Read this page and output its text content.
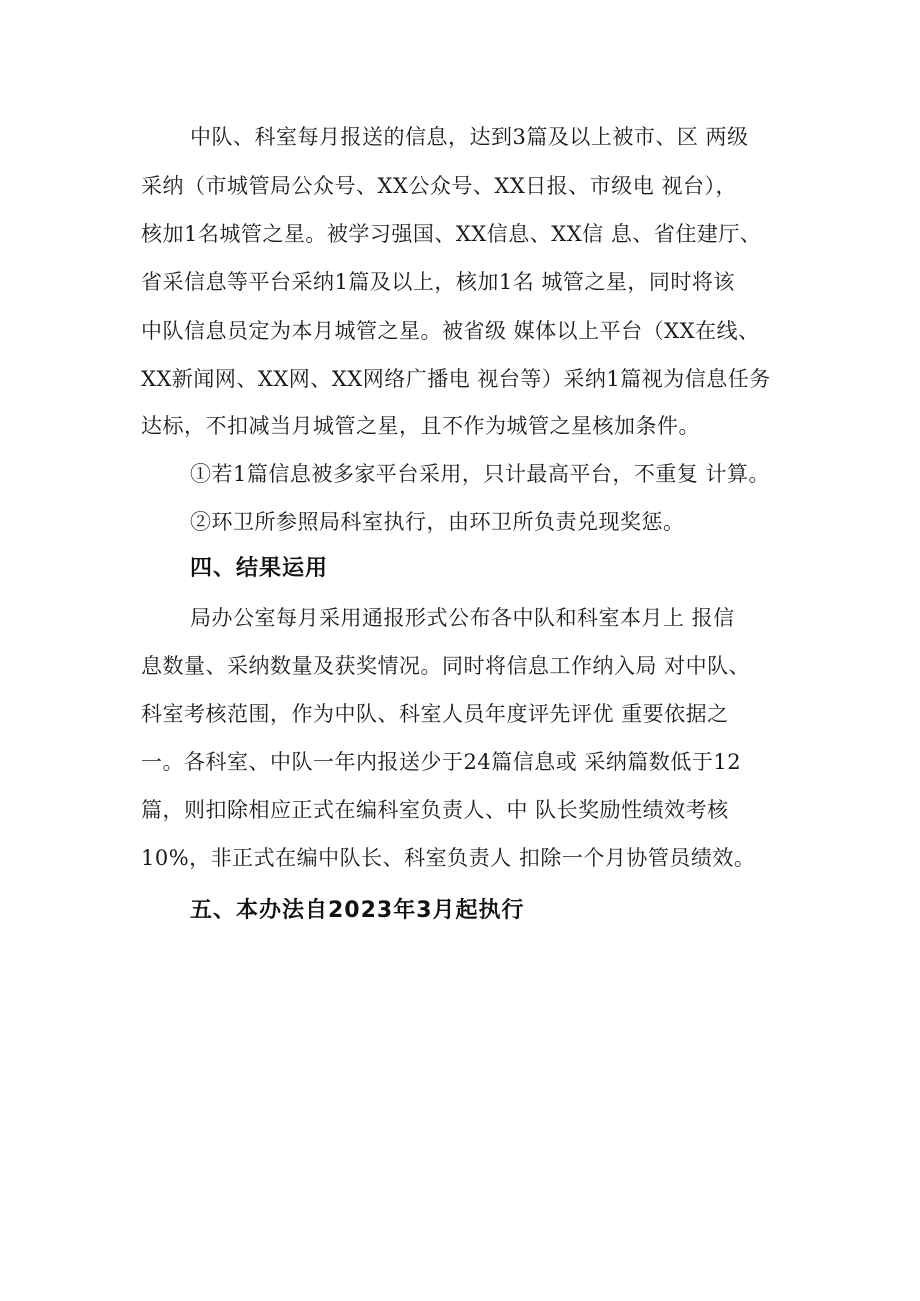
中队、科室每月报送的信息，达到3篇及以上被市、区 两级

采纳（市城管局公众号、XX公众号、XX日报、市级电 视台），

核加1名城管之星。被学习强国、XX信息、XX信 息、省住建厅、

省采信息等平台采纳1篇及以上，核加1名 城管之星，同时将该

中队信息员定为本月城管之星。被省级 媒体以上平台（XX在线、

XX新闻网、XX网、XX网络广播电 视台等）采纳1篇视为信息任务

达标，不扣减当月城管之星，且不作为城管之星核加条件。

①若1篇信息被多家平台采用，只计最高平台，不重复 计算。

②环卫所参照局科室执行，由环卫所负责兑现奖惩。

四、结果运用

局办公室每月采用通报形式公布各中队和科室本月上 报信

息数量、采纳数量及获奖情况。同时将信息工作纳入局 对中队、

科室考核范围，作为中队、科室人员年度评先评优 重要依据之

一。各科室、中队一年内报送少于24篇信息或 采纳篇数低于12

篇，则扣除相应正式在编科室负责人、中 队长奖励性绩效考核

10%，非正式在编中队长、科室负责人 扣除一个月协管员绩效。

五、本办法自2023年3月起执行
